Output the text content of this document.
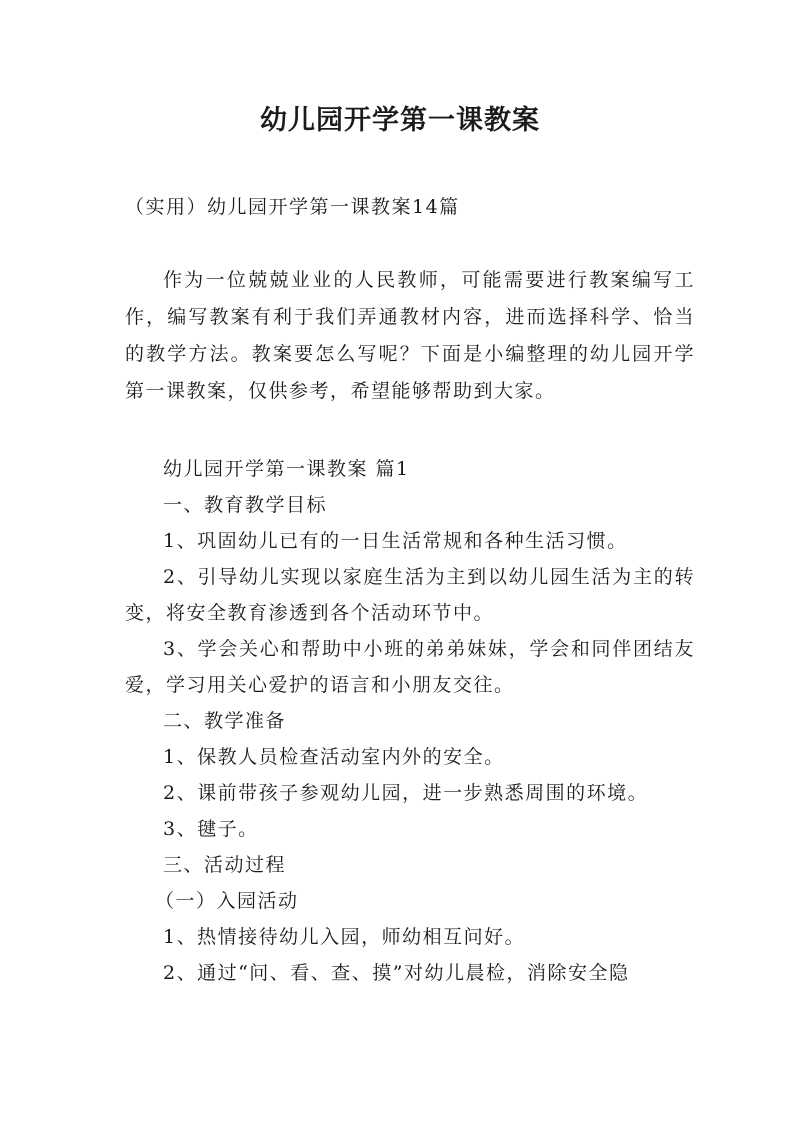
幼儿园开学第一课教案

（实用）幼儿园开学第一课教案14篇

作为一位兢兢业业的人民教师，可能需要进行教案编写工作，编写教案有利于我们弄通教材内容，进而选择科学、恰当的教学方法。教案要怎么写呢？下面是小编整理的幼儿园开学第一课教案，仅供参考，希望能够帮助到大家。

幼儿园开学第一课教案 篇1

一、教育教学目标

1、巩固幼儿已有的一日生活常规和各种生活习惯。

2、引导幼儿实现以家庭生活为主到以幼儿园生活为主的转变，将安全教育渗透到各个活动环节中。

3、学会关心和帮助中小班的弟弟妹妹，学会和同伴团结友爱，学习用关心爱护的语言和小朋友交往。

二、教学准备

1、保教人员检查活动室内外的安全。

2、课前带孩子参观幼儿园，进一步熟悉周围的环境。

3、毽子。

三、活动过程

（一）入园活动

1、热情接待幼儿入园，师幼相互问好。

2、通过“问、看、查、摸”对幼儿晨检，消除安全隐
